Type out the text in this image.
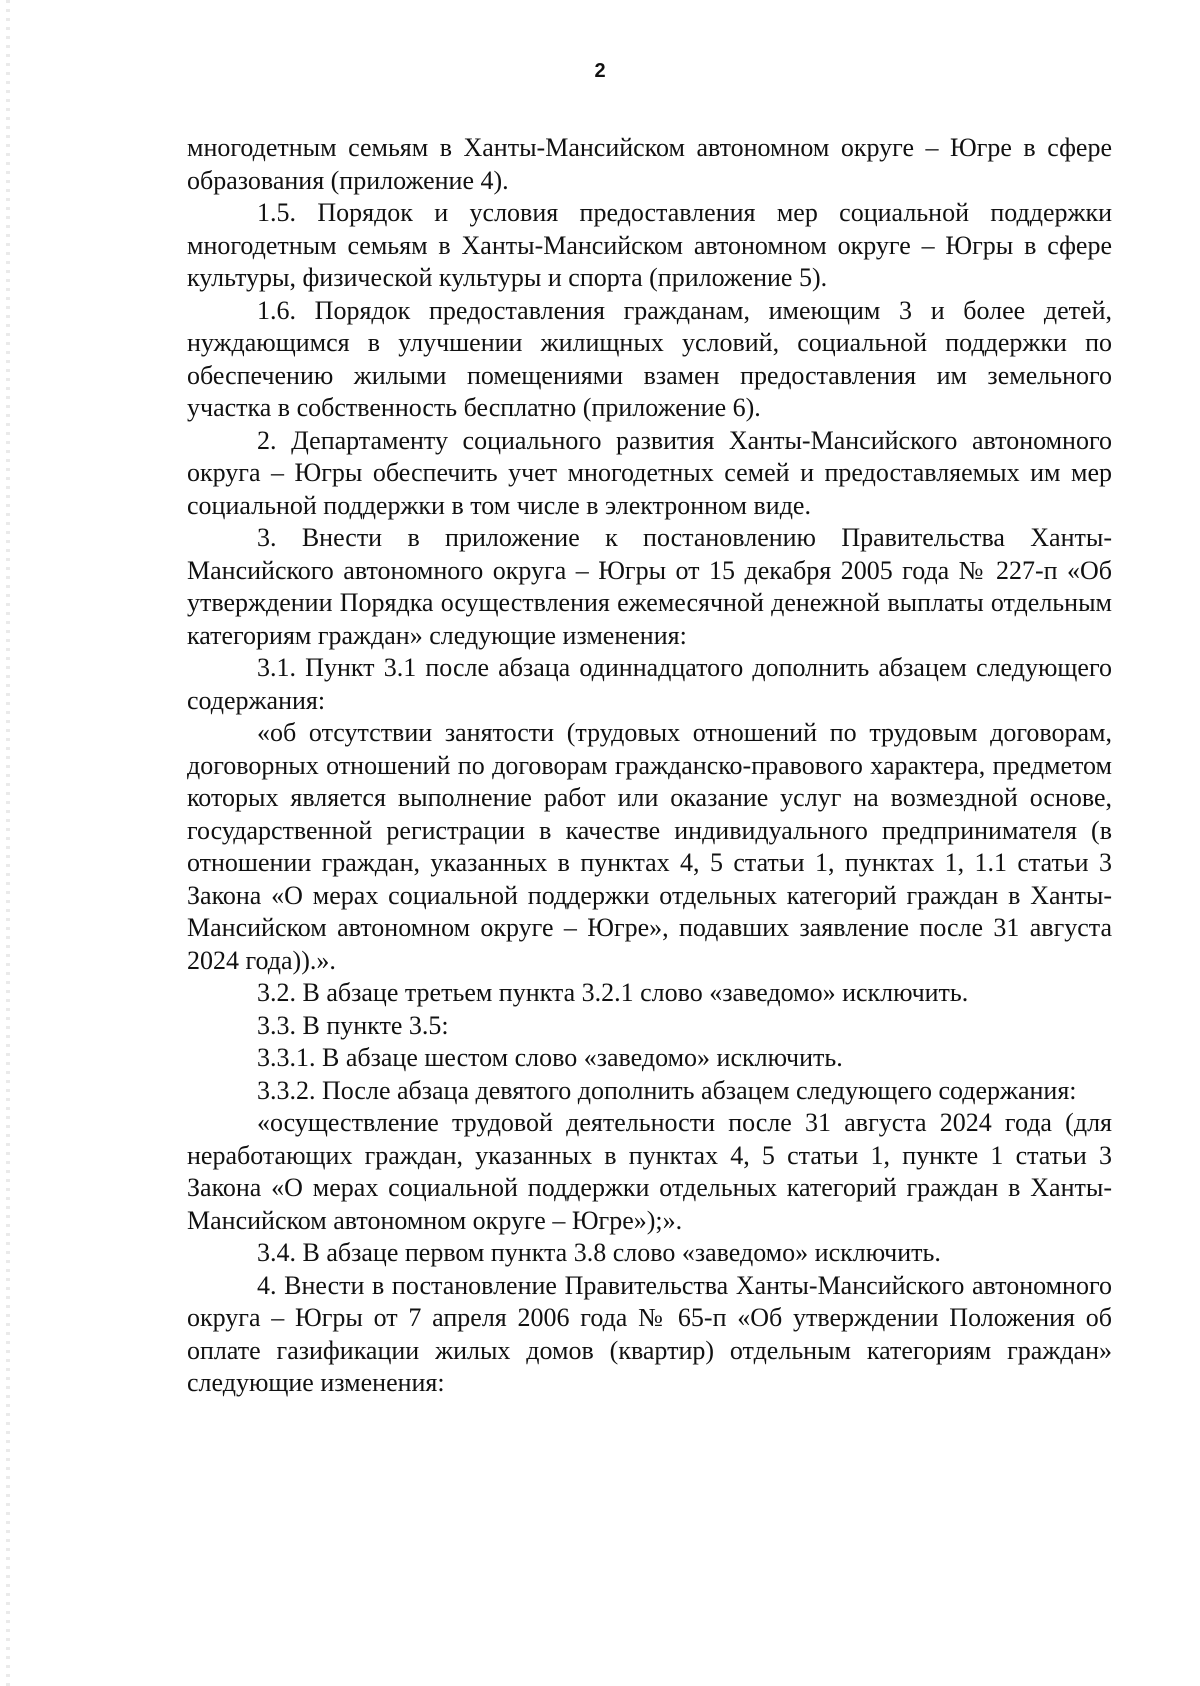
2

многодетным семьям в Ханты-Мансийском автономном округе – Югре в сфере образования (приложение 4).

1.5. Порядок и условия предоставления мер социальной поддержки многодетным семьям в Ханты-Мансийском автономном округе – Югры в сфере культуры, физической культуры и спорта (приложение 5).

1.6. Порядок предоставления гражданам, имеющим 3 и более детей, нуждающимся в улучшении жилищных условий, социальной поддержки по обеспечению жилыми помещениями взамен предоставления им земельного участка в собственность бесплатно (приложение 6).

2. Департаменту социального развития Ханты-Мансийского автономного округа – Югры обеспечить учет многодетных семей и предоставляемых им мер социальной поддержки в том числе в электронном виде.

3. Внести в приложение к постановлению Правительства Ханты-Мансийского автономного округа – Югры от 15 декабря 2005 года № 227-п «Об утверждении Порядка осуществления ежемесячной денежной выплаты отдельным категориям граждан» следующие изменения:

3.1. Пункт 3.1 после абзаца одиннадцатого дополнить абзацем следующего содержания:

«об отсутствии занятости (трудовых отношений по трудовым договорам, договорных отношений по договорам гражданско-правового характера, предметом которых является выполнение работ или оказание услуг на возмездной основе, государственной регистрации в качестве индивидуального предпринимателя (в отношении граждан, указанных в пунктах 4, 5 статьи 1, пунктах 1, 1.1 статьи 3 Закона «О мерах социальной поддержки отдельных категорий граждан в Ханты-Мансийском автономном округе – Югре», подавших заявление после 31 августа 2024 года)).».

3.2. В абзаце третьем пункта 3.2.1 слово «заведомо» исключить.

3.3. В пункте 3.5:

3.3.1. В абзаце шестом слово «заведомо» исключить.

3.3.2. После абзаца девятого дополнить абзацем следующего содержания:

«осуществление трудовой деятельности после 31 августа 2024 года (для неработающих граждан, указанных в пунктах 4, 5 статьи 1, пункте 1 статьи 3 Закона «О мерах социальной поддержки отдельных категорий граждан в Ханты-Мансийском автономном округе – Югре»);».

3.4. В абзаце первом пункта 3.8 слово «заведомо» исключить.

4. Внести в постановление Правительства Ханты-Мансийского автономного округа – Югры от 7 апреля 2006 года № 65-п «Об утверждении Положения об оплате газификации жилых домов (квартир) отдельным категориям граждан» следующие изменения:
